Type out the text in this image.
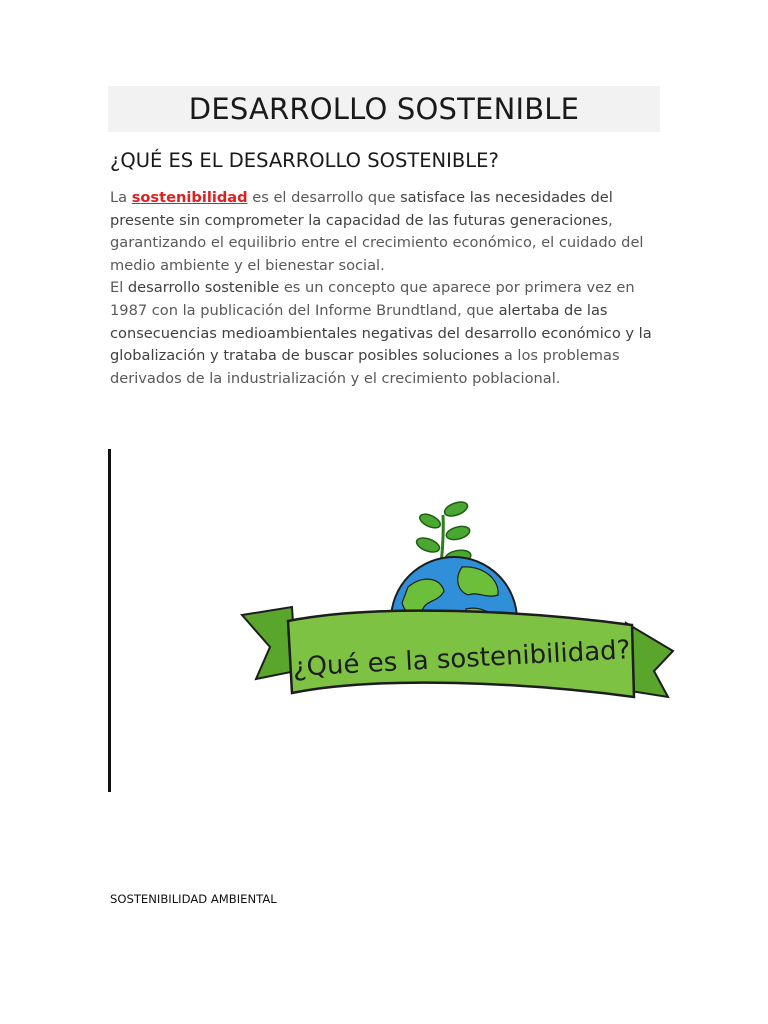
DESARROLLO SOSTENIBLE
¿QUÉ ES EL DESARROLLO SOSTENIBLE?
La sostenibilidad es el desarrollo que satisface las necesidades del presente sin comprometer la capacidad de las futuras generaciones, garantizando el equilibrio entre el crecimiento económico, el cuidado del medio ambiente y el bienestar social.
El desarrollo sostenible es un concepto que aparece por primera vez en 1987 con la publicación del Informe Brundtland, que alertaba de las consecuencias medioambientales negativas del desarrollo económico y la globalización y trataba de buscar posibles soluciones a los problemas derivados de la industrialización y el crecimiento poblacional.
¿Qué es la sostenibilidad?

SOSTENIBILIDAD AMBIENTAL
